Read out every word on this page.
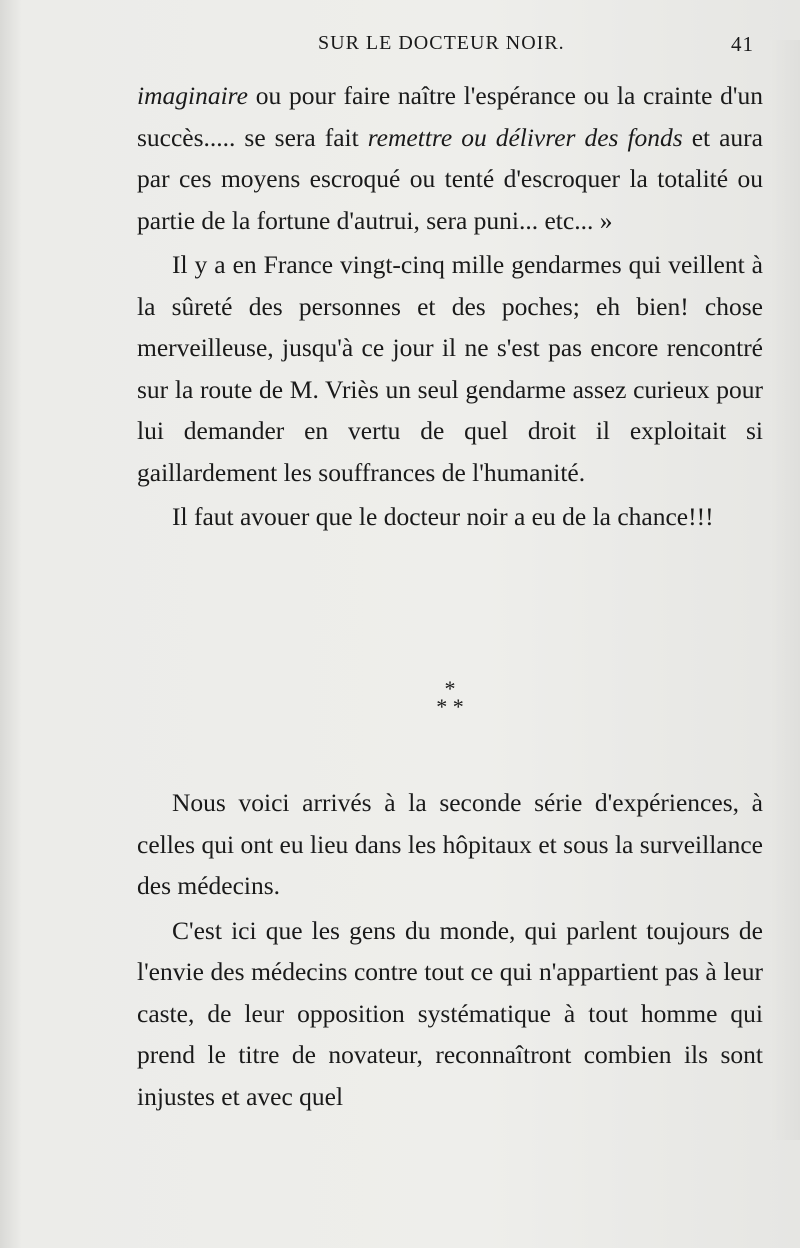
SUR LE DOCTEUR NOIR.	41

imaginaire ou pour faire naître l'espérance ou la crainte d'un succès..... se sera fait remettre ou délivrer des fonds et aura par ces moyens escroqué ou tenté d'escroquer la totalité ou partie de la fortune d'autrui, sera puni... etc... »

Il y a en France vingt-cinq mille gendarmes qui veillent à la sûreté des personnes et des poches; eh bien! chose merveilleuse, jusqu'à ce jour il ne s'est pas encore rencontré sur la route de M. Vriès un seul gendarme assez curieux pour lui demander en vertu de quel droit il exploitait si gaillardement les souffrances de l'humanité.

Il faut avouer que le docteur noir a eu de la chance!!!

*
* *

Nous voici arrivés à la seconde série d'expériences, à celles qui ont eu lieu dans les hôpitaux et sous la surveillance des médecins.

C'est ici que les gens du monde, qui parlent toujours de l'envie des médecins contre tout ce qui n'appartient pas à leur caste, de leur opposition systématique à tout homme qui prend le titre de novateur, reconnaîtront combien ils sont injustes et avec quel
